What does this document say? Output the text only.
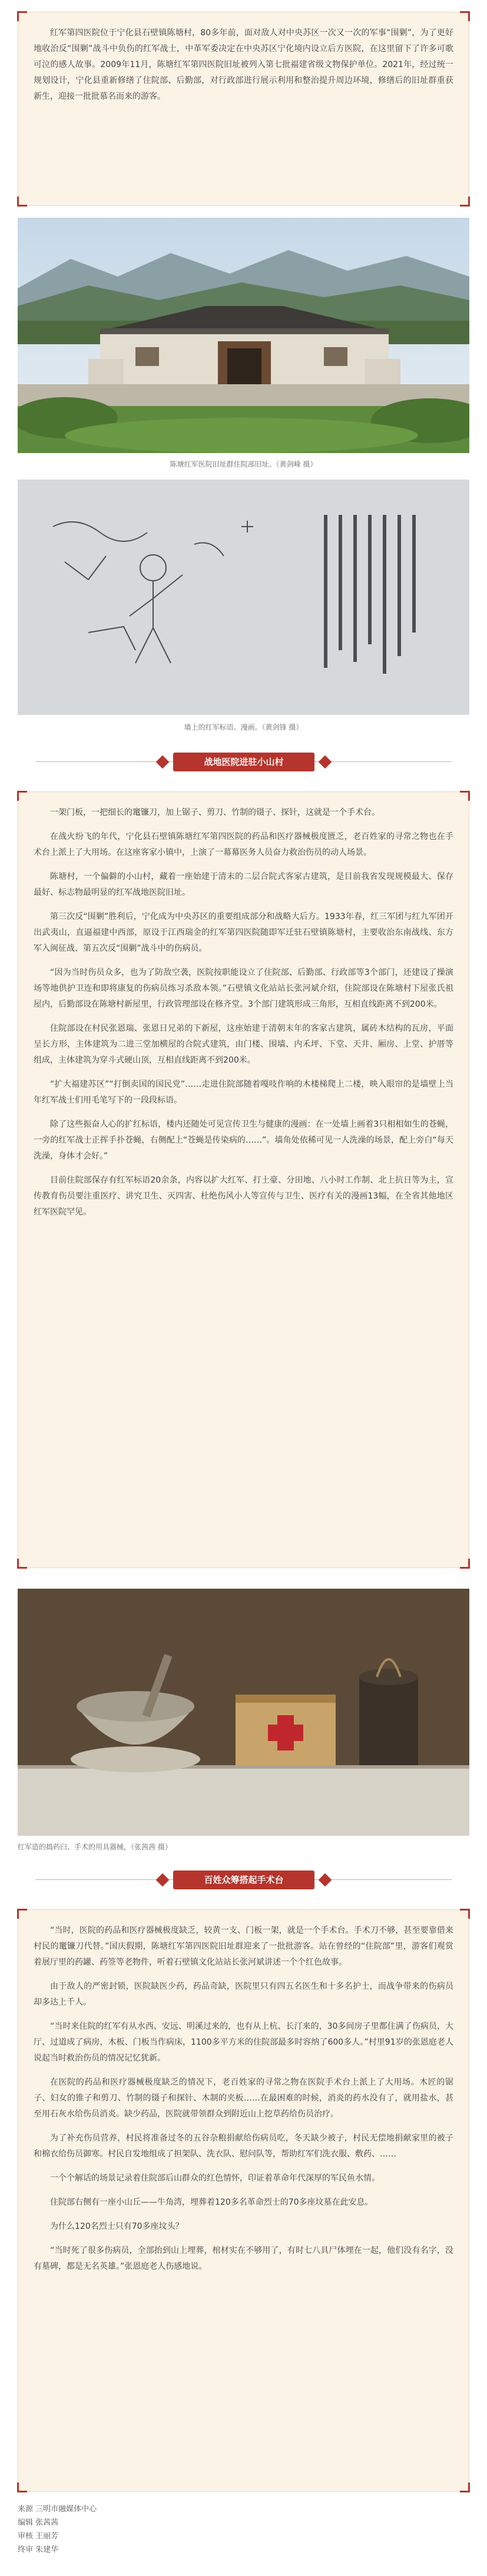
红军第四医院位于宁化县石壁镇陈塘村，80多年前，面对敌人对中央苏区一次又一次的军事“围剿”，为了更好地收治反“围剿”战斗中负伤的红军战士，中革军委决定在中央苏区宁化境内设立后方医院，在这里留下了许多可歌可泣的感人故事。2009年11月，陈塘红军第四医院旧址被列入第七批福建省级文物保护单位。2021年，经过统一规划设计，宁化县重新修缮了住院部、后勤部，对行政部进行展示利用和整治提升周边环境，修缮后的旧址群重获新生，迎接一批批慕名而来的游客。

陈塘红军医院旧址群住院部旧址。（黄剑峰 摄）
墙上的红军标语、漫画。（黄剑锋 摄）
战地医院进驻小山村

一架门板，一把细长的竃镰刀，加上锯子、剪刀、竹制的镊子、探针，这就是一个手术台。

在战火纷飞的年代，宁化县石壁镇陈塘红军第四医院的药品和医疗器械极度匮乏，老百姓家的寻常之物也在手术台上派上了大用场。在这座客家小镇中，上演了一幕幕医务人员奋力救治伤员的动人场景。

陈塘村，一个偏僻的小山村，藏着一座始建于清末的二层合院式客家古建筑，是目前我省发现规模最大、保存最好、标志物最明显的红军战地医院旧址。

第三次反“围剿”胜利后，宁化成为中央苏区的重要组成部分和战略大后方。1933年春，红三军团与红九军团开出武夷山，直逼福建中西部，原设于江西瑞金的红军第四医院随即军迁驻石壁镇陈塘村，主要收治东南战线、东方军入闽征战、第五次反“围剿”战斗中的伤病员。

“因为当时伤员众多，也为了防敌空袭，医院按职能设立了住院部、后勤部、行政部等3个部门，还建设了操演场等地供护卫连和即将康复的伤病员练习杀敌本领。”石壁镇文化站站长张河斌介绍，住院部设在陈塘村下屋张氏祖屋内，后勤部设在陈塘村新屋里，行政管理部设在修齐堂。3个部门建筑形成三角形，互相直线距离不到200米。

住院部设在村民张恩瑞、张恩日兄弟的下新屋，这座始建于清朝末年的客家古建筑，属砖木结构的瓦房，平面呈长方形，主体建筑为二进三堂加横屋的合院式建筑，由门楼、围墙、内禾坪、下堂、天井、厢房、上堂、护厝等组成，主体建筑为穿斗式硬山顶，互相直线距离不到200米。

“扩大福建苏区”“打倒卖国的国民党”……走进住院部随着嘎吱作响的木楼梯爬上二楼，映入眼帘的是墙壁上当年红军战士们用毛笔写下的一段段标语。

除了这些振奋人心的扩红标语，楼内还随处可见宣传卫生与健康的漫画：在一处墙上画着3只相相如生的苍蝇，一旁的红军战士正挥手扑苍蝇，右侧配上“苍蝇是传染病的……”。墙角处依稀可见一人洗澡的场景，配上旁白“每天洗澡，身体才会好。”

目前住院部保存有红军标语20余条，内容以扩大红军、打土豪、分田地、八小时工作制、北上抗日等为主，宣传教育伤员要注重医疗、讲究卫生、灭四害、杜绝伤风小人等宣传与卫生、医疗有关的漫画13幅，在全省其他地区红军医院罕见。

红军造的捣药臼、手术的用具器械，（张茜茜 摄）
百姓众筹搭起手术台

“当时，医院的药品和医疗器械极度缺乏，较黄一支、门板一架，就是一个手术台。手术刀不够，甚至要靠借来村民的竃镰刀代替。”国庆假期，陈塘红军第四医院旧址群迎来了一批批游客。站在曾经的“住院部”里，游客们观赏着展厅里的药罐、药签等老物件，听着石壁镇文化站站长张河斌讲述一个个红色故事。

由于敌人的严密封锁，医院缺医少药，药品奇缺，医院里只有四五名医生和十多名护士，而战争带来的伤病员却多达上千人。

“当时来住院的红军有从水西、安远、明溪过来的，也有从上杭、长汀来的，30多间房子里都住满了伤病员，大厅、过道成了病房，木板、门板当作病床，1100多平方米的住院部最多时容纳了600多人。”村里91岁的张恩庭老人说起当时救治伤员的情况记忆犹新。

在医院的药品和医疗器械极度缺乏的情况下，老百姓家的寻常之物在医院手术台上派上了大用场。木匠的锯子、妇女的锥子和剪刀、竹制的镊子和探针、木制的夹板……在最困难的时候，消炎的药水没有了，就用盐水，甚至用石灰水给伤员消炎。缺少药品，医院就带领群众到附近山上挖草药给伤员治疗。

为了补充伤员营养，村民将准备过冬的五谷杂粮捐献给伤病员吃，冬天缺少被子，村民无偿地捐献家里的被子和棉衣给伤员御寒。村民自发地组成了担架队、洗衣队、慰问队等，帮助红军们洗衣服、敷药、……

一个个解话的场景记录着住院部后山群众的红色情怀，印证着革命年代深厚的军民鱼水情。

住院部右侧有一座小山丘——牛角湾，埋葬着120多名革命烈士的70多座坟墓在此安息。

为什么120名烈士只有70多座坟头？

“当时死了很多伤病员，全部抬到山上埋葬，棺材实在不够用了，有时七八具尸体埋在一起，他们没有名字，没有墓碑，都是无名英雄。”张恩庭老人伤感地说。

来源 三明市融媒体中心
编辑 张茜茜
审核 王丽芳
终审 朱建华
